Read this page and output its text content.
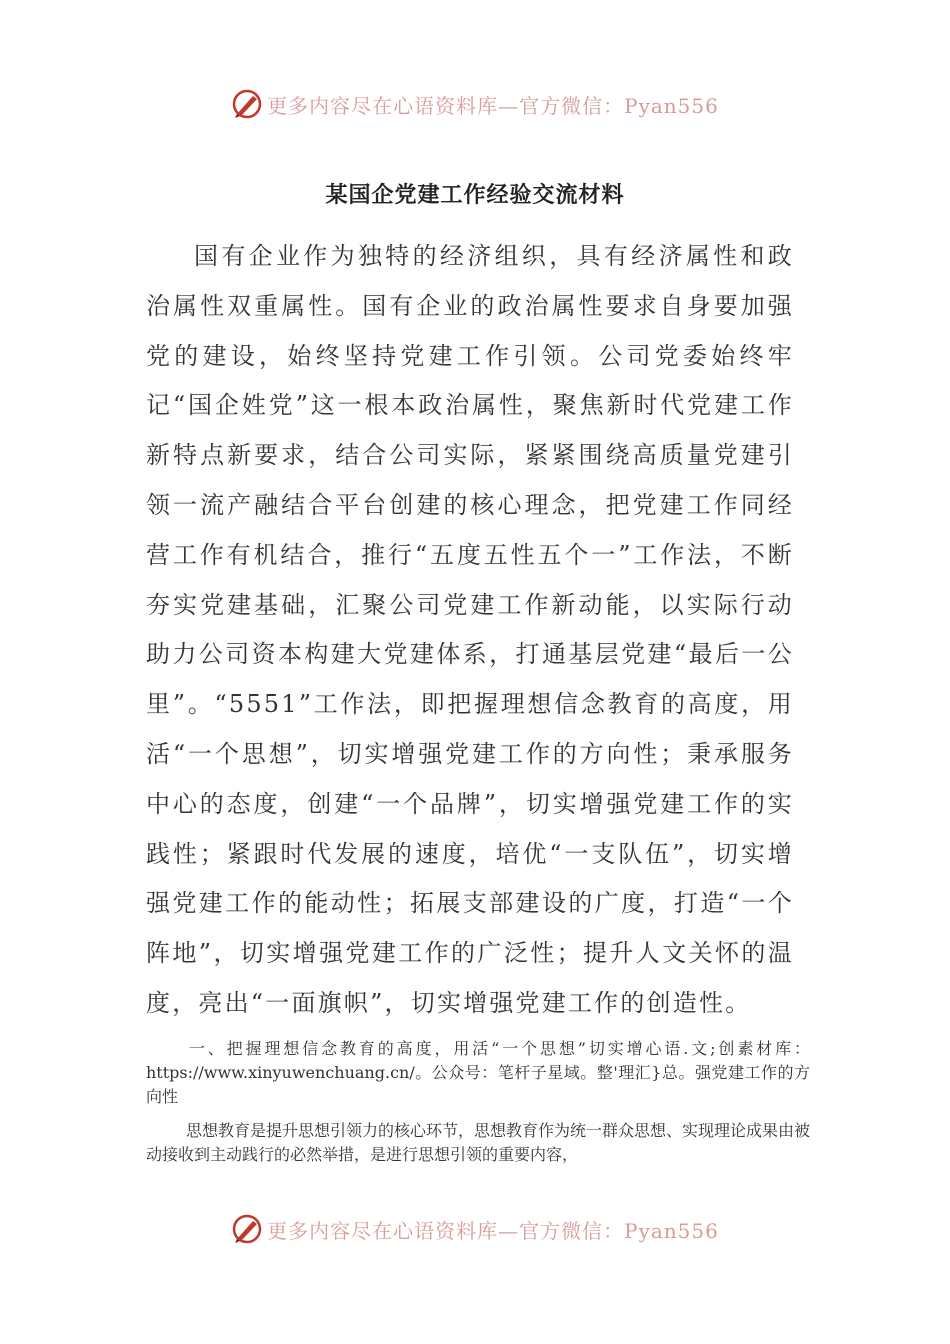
更多内容尽在心语资料库—官方微信：Pyan556
某国企党建工作经验交流材料

国有企业作为独特的经济组织，具有经济属性和政治属性双重属性。国有企业的政治属性要求自身要加强党的建设，始终坚持党建工作引领。公司党委始终牢记“国企姓党”这一根本政治属性，聚焦新时代党建工作新特点新要求，结合公司实际，紧紧围绕高质量党建引领一流产融结合平台创建的核心理念，把党建工作同经营工作有机结合，推行“五度五性五个一”工作法，不断夯实党建基础，汇聚公司党建工作新动能，以实际行动助力公司资本构建大党建体系，打通基层党建“最后一公里”。“5551”工作法，即把握理想信念教育的高度，用活“一个思想”，切实增强党建工作的方向性；秉承服务中心的态度，创建“一个品牌”，切实增强党建工作的实践性；紧跟时代发展的速度，培优“一支队伍”，切实增强党建工作的能动性；拓展支部建设的广度，打造“一个阵地”，切实增强党建工作的广泛性；提升人文关怀的温度，亮出“一面旗帜”，切实增强党建工作的创造性。

一、把握理想信念教育的高度，用活“一个思想”切实增心语.文;创素材库：https://www.xinyuwenchuang.cn/。公众号：笔杆子星域。整'理汇}总。强党建工作的方向性

思想教育是提升思想引领力的核心环节，思想教育作为统一群众思想、实现理论成果由被动接收到主动践行的必然举措，是进行思想引领的重要内容，

更多内容尽在心语资料库—官方微信：Pyan556
